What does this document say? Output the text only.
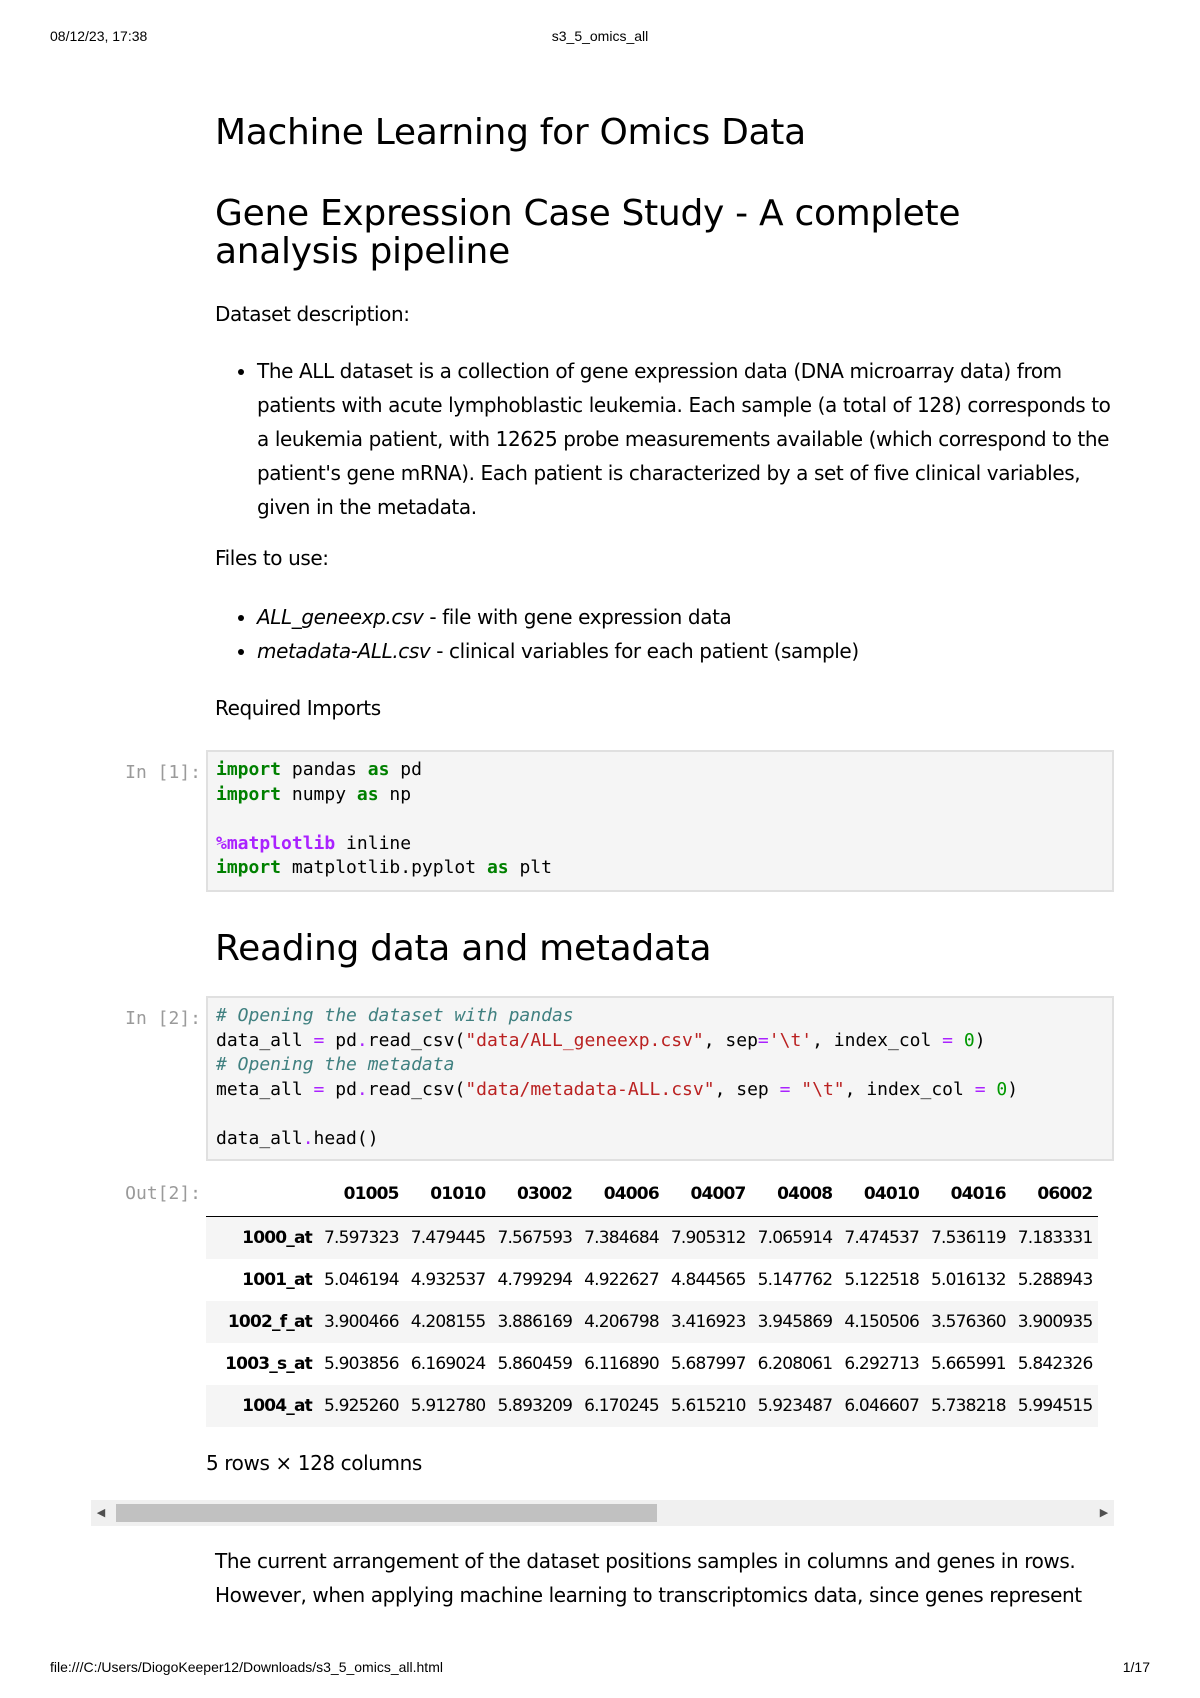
08/12/23, 17:38	s3_5_omics_all
Machine Learning for Omics Data
Gene Expression Case Study - A complete analysis pipeline
Dataset description:
• The ALL dataset is a collection of gene expression data (DNA microarray data) from patients with acute lymphoblastic leukemia. Each sample (a total of 128) corresponds to a leukemia patient, with 12625 probe measurements available (which correspond to the patient's gene mRNA). Each patient is characterized by a set of five clinical variables, given in the metadata.
Files to use:
• ALL_geneexp.csv - file with gene expression data
• metadata-ALL.csv - clinical variables for each patient (sample)
Required Imports
In [1]: import pandas as pd
import numpy as np

%matplotlib inline
import matplotlib.pyplot as plt
Reading data and metadata
In [2]: # Opening the dataset with pandas
data_all = pd.read_csv("data/ALL_geneexp.csv", sep='\t', index_col = 0)
# Opening the metadata
meta_all = pd.read_csv("data/metadata-ALL.csv", sep = "\t", index_col = 0)

data_all.head()
Out[2]:
		01005	01010	03002	04006	04007	04008	04010	04016	06002
1000_at	7.597323	7.479445	7.567593	7.384684	7.905312	7.065914	7.474537	7.536119	7.183331
1001_at	5.046194	4.932537	4.799294	4.922627	4.844565	5.147762	5.122518	5.016132	5.288943
1002_f_at	3.900466	4.208155	3.886169	4.206798	3.416923	3.945869	4.150506	3.576360	3.900935
1003_s_at	5.903856	6.169024	5.860459	6.116890	5.687997	6.208061	6.292713	5.665991	5.842326
1004_at	5.925260	5.912780	5.893209	6.170245	5.615210	5.923487	6.046607	5.738218	5.994515
5 rows × 128 columns
◀	▶
The current arrangement of the dataset positions samples in columns and genes in rows. However, when applying machine learning to transcriptomics data, since genes represent
file:///C:/Users/DiogoKeeper12/Downloads/s3_5_omics_all.html	1/17
